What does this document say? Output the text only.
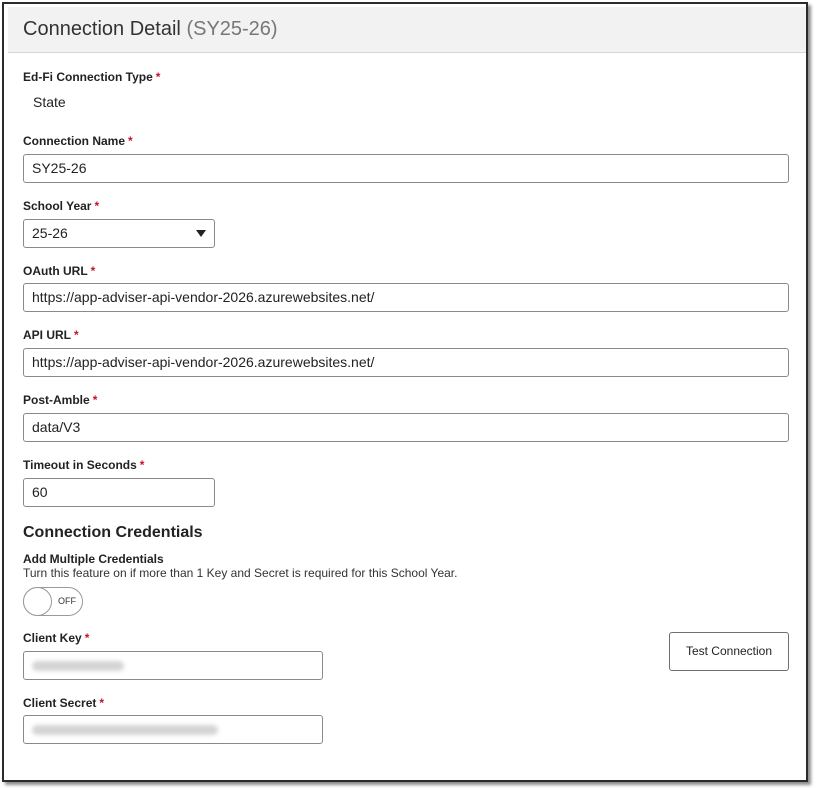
Connection Detail (SY25-26)
Ed-Fi Connection Type *
State
Connection Name *
SY25-26
School Year *
25-26
OAuth URL *
https://app-adviser-api-vendor-2026.azurewebsites.net/
API URL *
https://app-adviser-api-vendor-2026.azurewebsites.net/
Post-Amble *
data/V3
Timeout in Seconds *
60
Connection Credentials
Add Multiple Credentials
Turn this feature on if more than 1 Key and Secret is required for this School Year.
OFF
Client Key *
Client Secret *
Test Connection
